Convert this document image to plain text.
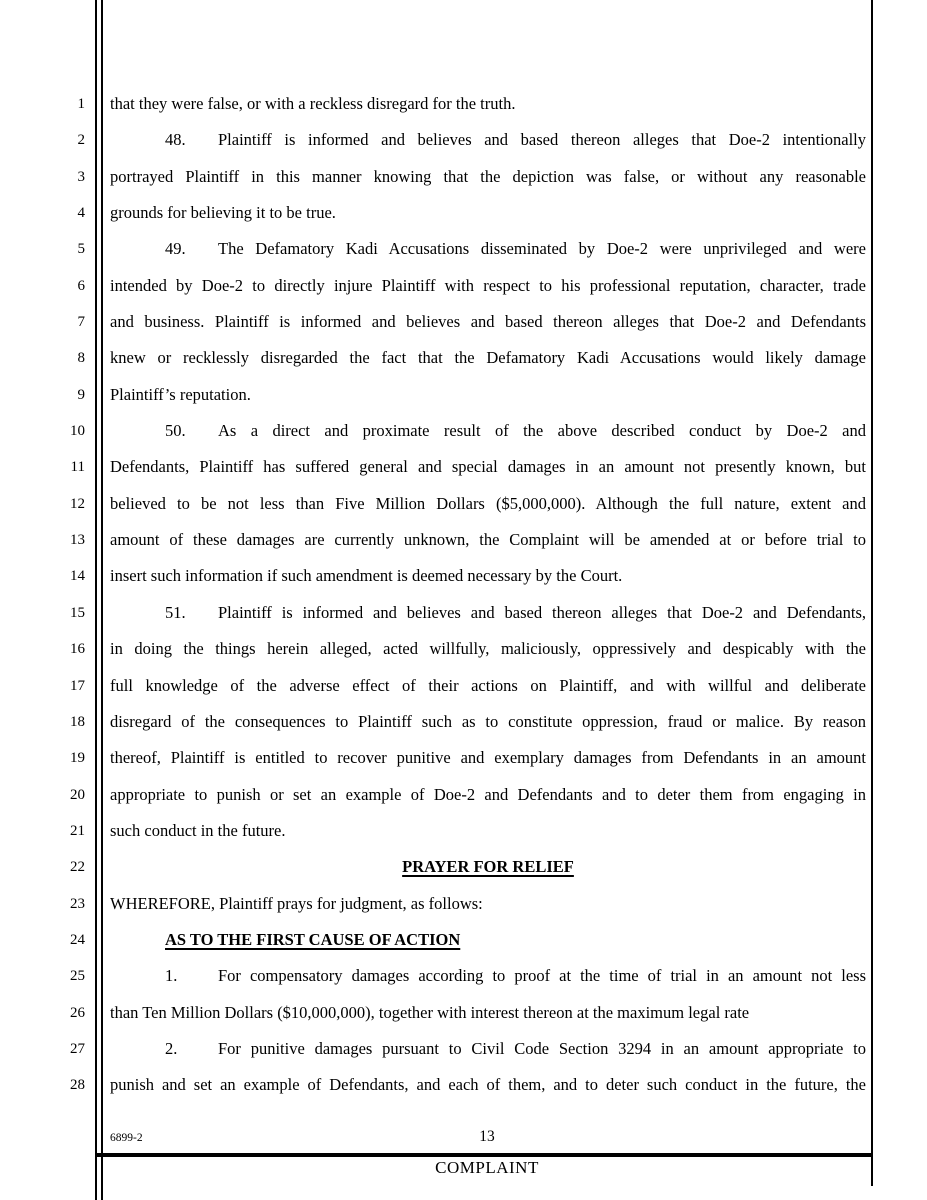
1
2
3
4
5
6
7
8
9
10
11
12
13
14
15
16
17
18
19
20
21
22
23
24
25
26
27
28
that they were false, or with a reckless disregard for the truth.
48. Plaintiff is informed and believes and based thereon alleges that Doe-2 intentionally
portrayed Plaintiff in this manner knowing that the depiction was false, or without any reasonable
grounds for believing it to be true.
49. The Defamatory Kadi Accusations disseminated by Doe-2 were unprivileged and were
intended by Doe-2 to directly injure Plaintiff with respect to his professional reputation, character, trade
and business. Plaintiff is informed and believes and based thereon alleges that Doe-2 and Defendants
knew or recklessly disregarded the fact that the Defamatory Kadi Accusations would likely damage
Plaintiff’s reputation.
50. As a direct and proximate result of the above described conduct by Doe-2 and
Defendants, Plaintiff has suffered general and special damages in an amount not presently known, but
believed to be not less than Five Million Dollars ($5,000,000). Although the full nature, extent and
amount of these damages are currently unknown, the Complaint will be amended at or before trial to
insert such information if such amendment is deemed necessary by the Court.
51. Plaintiff is informed and believes and based thereon alleges that Doe-2 and Defendants,
in doing the things herein alleged, acted willfully, maliciously, oppressively and despicably with the
full knowledge of the adverse effect of their actions on Plaintiff, and with willful and deliberate
disregard of the consequences to Plaintiff such as to constitute oppression, fraud or malice. By reason
thereof, Plaintiff is entitled to recover punitive and exemplary damages from Defendants in an amount
appropriate to punish or set an example of Doe-2 and Defendants and to deter them from engaging in
such conduct in the future.
PRAYER FOR RELIEF
WHEREFORE, Plaintiff prays for judgment, as follows:
AS TO THE FIRST CAUSE OF ACTION
1. For compensatory damages according to proof at the time of trial in an amount not less
than Ten Million Dollars ($10,000,000), together with interest thereon at the maximum legal rate
2. For punitive damages pursuant to Civil Code Section 3294 in an amount appropriate to
punish and set an example of Defendants, and each of them, and to deter such conduct in the future, the
6899-2	13
COMPLAINT
